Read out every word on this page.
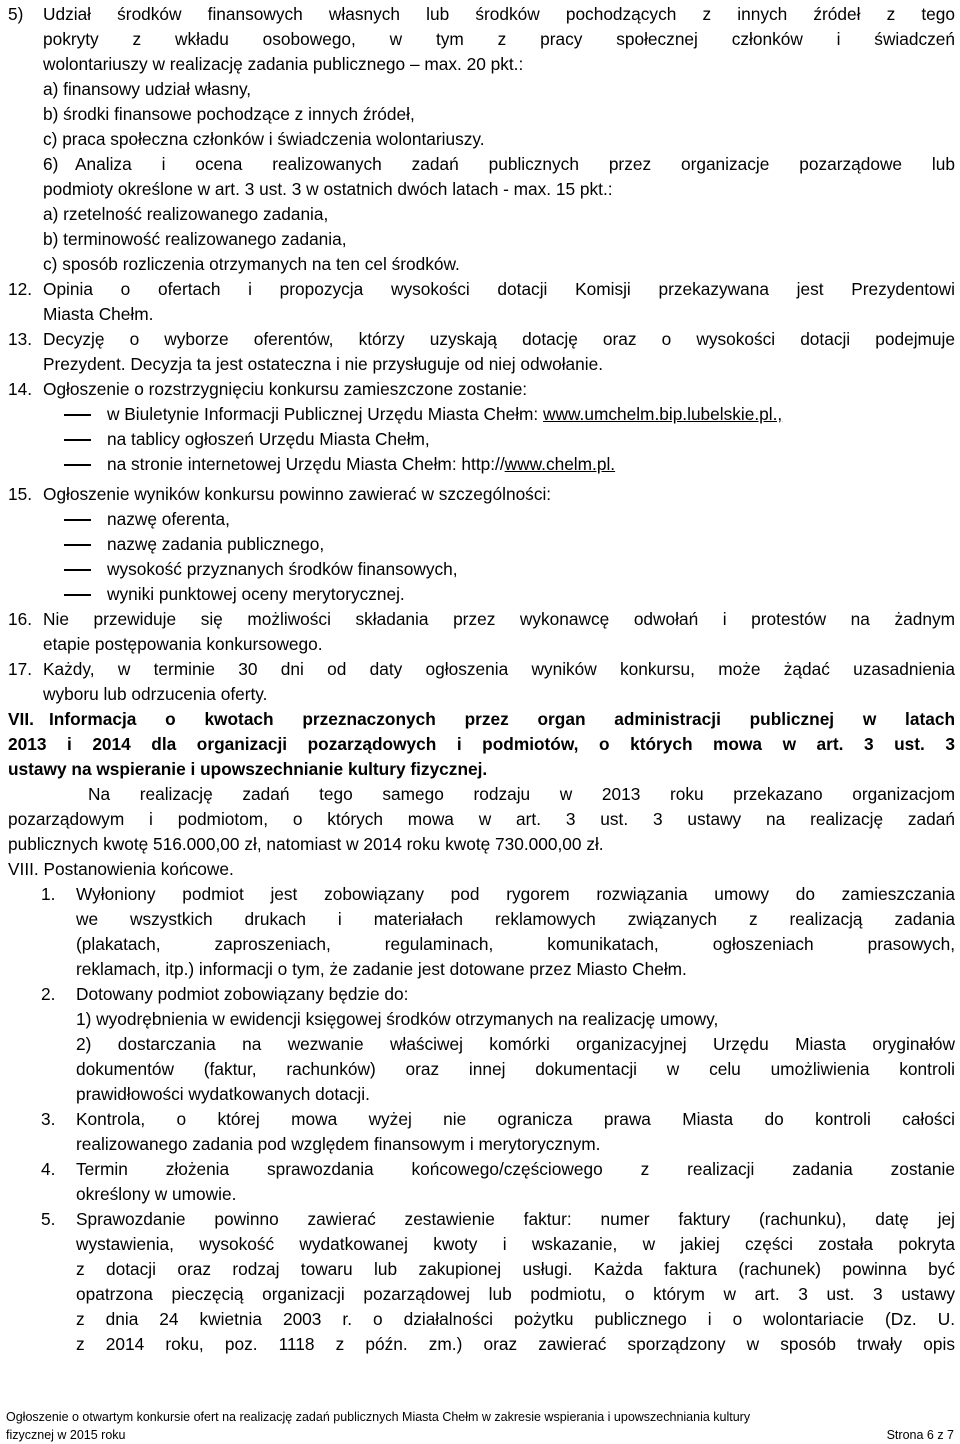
5) Udział środków finansowych własnych lub środków pochodzących z innych źródeł z tego
pokryty z wkładu osobowego, w tym z pracy społecznej członków i świadczeń
wolontariuszy w realizację zadania publicznego – max. 20 pkt.:
a) finansowy udział własny,
b) środki finansowe pochodzące z innych źródeł,
c) praca społeczna członków i świadczenia wolontariuszy.
6) Analiza i ocena realizowanych zadań publicznych przez organizacje pozarządowe lub
podmioty określone w art. 3 ust. 3 w ostatnich dwóch latach - max. 15 pkt.:
a) rzetelność realizowanego zadania,
b) terminowość realizowanego zadania,
c) sposób rozliczenia otrzymanych na ten cel środków.
12. Opinia o ofertach i propozycja wysokości dotacji Komisji przekazywana jest Prezydentowi
Miasta Chełm.
13. Decyzję o wyborze oferentów, którzy uzyskają dotację oraz o wysokości dotacji podejmuje
Prezydent. Decyzja ta jest ostateczna i nie przysługuje od niej odwołanie.
14. Ogłoszenie o rozstrzygnięciu konkursu zamieszczone zostanie:
w Biuletynie Informacji Publicznej Urzędu Miasta Chełm: www.umchelm.bip.lubelskie.pl.,
na tablicy ogłoszeń Urzędu Miasta Chełm,
na stronie internetowej Urzędu Miasta Chełm: http://www.chelm.pl.
15. Ogłoszenie wyników konkursu powinno zawierać w szczególności:
nazwę oferenta,
nazwę zadania publicznego,
wysokość przyznanych środków finansowych,
wyniki punktowej oceny merytorycznej.
16. Nie przewiduje się możliwości składania przez wykonawcę odwołań i protestów na żadnym
etapie postępowania konkursowego.
17. Każdy, w terminie 30 dni od daty ogłoszenia wyników konkursu, może żądać uzasadnienia
wyboru lub odrzucenia oferty.
VII. Informacja o kwotach przeznaczonych przez organ administracji publicznej w latach
2013 i 2014 dla organizacji pozarządowych i podmiotów, o których mowa w art. 3 ust. 3
ustawy na wspieranie i upowszechnianie kultury fizycznej.
Na realizację zadań tego samego rodzaju w 2013 roku przekazano organizacjom
pozarządowym i podmiotom, o których mowa w art. 3 ust. 3 ustawy na realizację zadań
publicznych kwotę 516.000,00 zł, natomiast w 2014 roku kwotę 730.000,00 zł.
VIII. Postanowienia końcowe.
1. Wyłoniony podmiot jest zobowiązany pod rygorem rozwiązania umowy do zamieszczania
we wszystkich drukach i materiałach reklamowych związanych z realizacją zadania
(plakatach, zaproszeniach, regulaminach, komunikatach, ogłoszeniach prasowych,
reklamach, itp.) informacji o tym, że zadanie jest dotowane przez Miasto Chełm.
2. Dotowany podmiot zobowiązany będzie do:
1) wyodrębnienia w ewidencji księgowej środków otrzymanych na realizację umowy,
2) dostarczania na wezwanie właściwej komórki organizacyjnej Urzędu Miasta oryginałów
dokumentów (faktur, rachunków) oraz innej dokumentacji w celu umożliwienia kontroli
prawidłowości wydatkowanych dotacji.
3. Kontrola, o której mowa wyżej nie ogranicza prawa Miasta do kontroli całości
realizowanego zadania pod względem finansowym i merytorycznym.
4. Termin złożenia sprawozdania końcowego/częściowego z realizacji zadania zostanie
określony w umowie.
5. Sprawozdanie powinno zawierać zestawienie faktur: numer faktury (rachunku), datę jej
wystawienia, wysokość wydatkowanej kwoty i wskazanie, w jakiej części została pokryta
z dotacji oraz rodzaj towaru lub zakupionej usługi. Każda faktura (rachunek) powinna być
opatrzona pieczęcią organizacji pozarządowej lub podmiotu, o którym w art. 3 ust. 3 ustawy
z dnia 24 kwietnia 2003 r. o działalności pożytku publicznego i o wolontariacie (Dz. U.
z 2014 roku, poz. 1118 z późn. zm.) oraz zawierać sporządzony w sposób trwały opis
Ogłoszenie o otwartym konkursie ofert na realizację zadań publicznych Miasta Chełm w zakresie wspierania i upowszechniania kultury
fizycznej w 2015 roku	Strona 6 z 7
